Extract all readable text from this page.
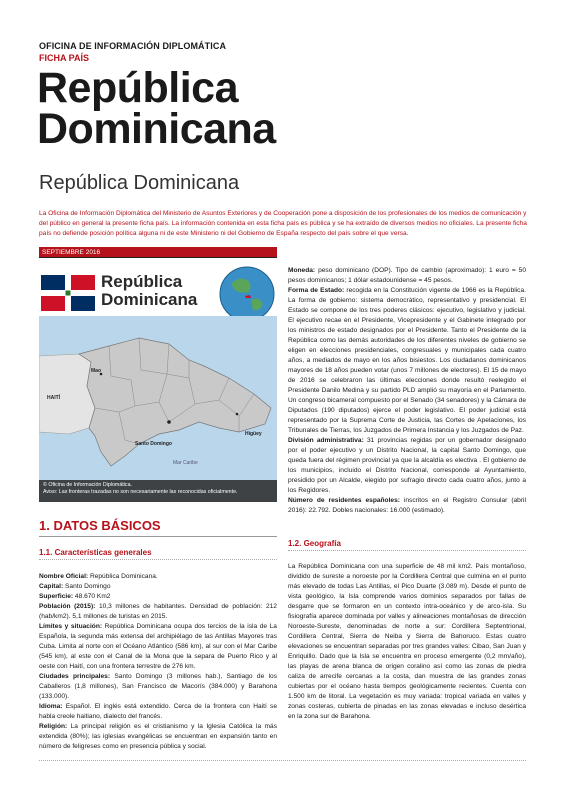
OFICINA DE INFORMACIÓN DIPLOMÁTICA
FICHA PAÍS
República
Dominicana
República Dominicana
La Oficina de Información Diplomática del Ministerio de Asuntos Exteriores y de Cooperación pone a disposición de los profesionales de los medios de comunicación y del público en general la presente ficha país. La información contenida en esta ficha país es pública y se ha extraído de diversos medios no oficiales. La presente ficha país no defiende posición política alguna ni de este Ministerio ni del Gobierno de España respecto del país sobre el que versa.
SEPTIEMBRE 2016
República
Dominicana
HAITÍ
Mao
Santo Domingo
Higüey
Mar Caribe
© Oficina de Información Diplomática.
Aviso: Las fronteras trazadas no son necesariamente las reconocidas oficialmente.
1. DATOS BÁSICOS
1.1. Características generales

Nombre Oficial: República Dominicana.

Capital: Santo Domingo

Superficie: 48.670 Km2

Población (2015): 10,3 millones de habitantes. Densidad de población: 212 (hab/km2). 5,1 millones de turistas en 2015.

Límites y situación: República Dominicana ocupa dos tercios de la isla de La Española, la segunda más extensa del archipiélago de las Antillas Mayores tras Cuba. Limita al norte con el Océano Atlántico (586 km), al sur con el Mar Caribe (545 km), al este con el Canal de la Mona que la separa de Puerto Rico y al oeste con Haití, con una frontera terrestre de 276 km.

Ciudades principales: Santo Domingo (3 millones hab.), Santiago de los Caballeros (1,8 millones), San Francisco de Macorís (384.000) y Barahona (133.000).

Idioma: Español. El inglés está extendido. Cerca de la frontera con Haití se habla creole haitiano, dialecto del francés.

Religión: La principal religión es el cristianismo y la Iglesia Católica la más extendida (80%); las iglesias evangélicas se encuentran en expansión tanto en número de feligreses como en presencia pública y social.

Moneda: peso dominicano (DOP). Tipo de cambio (aproximado): 1 euro = 50 pesos dominicanos; 1 dólar estadounidense = 45 pesos.

Forma de Estado: recogida en la Constitución vigente de 1966 es la República. La forma de gobierno: sistema democrático, representativo y presidencial. El Estado se compone de los tres poderes clásicos: ejecutivo, legislativo y judicial. El ejecutivo recae en el Presidente, Vicepresidente y el Gabinete integrado por los ministros de estado designados por el Presidente. Tanto el Presidente de la República como las demás autoridades de los diferentes niveles de gobierno se eligen en elecciones presidenciales, congresuales y municipales cada cuatro años, a mediados de mayo en los años bisiestos. Los ciudadanos dominicanos mayores de 18 años pueden votar (unos 7 millones de electores). El 15 de mayo de 2016 se celebraron las últimas elecciones donde resultó reelegido el Presidente Danilo Medina y su partido PLD amplió su mayoría en el Parlamento. Un congreso bicameral compuesto por el Senado (34 senadores) y la Cámara de Diputados (190 diputados) ejerce el poder legislativo. El poder judicial está representado por la Suprema Corte de Justicia, las Cortes de Apelaciones, los Tribunales de Tierras, los Juzgados de Primera Instancia y los Juzgados de Paz.

División administrativa: 31 provincias regidas por un gobernador designado por el poder ejecutivo y un Distrito Nacional, la capital Santo Domingo, que queda fuera del régimen provincial ya que la alcaldía es electiva . El gobierno de los municipios, incluido el Distrito Nacional, corresponde al Ayuntamiento, presidido por un Alcalde, elegido por sufragio directo cada cuatro años, junto a los Regidores.

Número de residentes españoles: inscritos en el Registro Consular (abril 2016): 22.792. Dobles nacionales: 16.000 (estimado).

1.2. Geografía
La República Dominicana con una superficie de 48 mil km2. País montañoso, dividido de sureste a noroeste por la Cordillera Central que culmina en el punto más elevado de todas Las Antillas, el Pico Duarte (3.089 m). Desde el punto de vista geológico, la Isla comprende varios dominios separados por fallas de desgarre que se formaron en un contexto intra-oceánico y de arco-isla. Su fisiografía aparece dominada por valles y alineaciones montañosas de dirección Noroeste-Sureste, denominadas de norte a sur: Cordillera Septentrional, Cordillera Central, Sierra de Neiba y Sierra de Bahoruco. Estas cuatro elevaciones se encuentran separadas por tres grandes valles: Cibao, San Juan y Enriquillo. Dado que la Isla se encuentra en proceso emergente (0,2 mm/año), las playas de arena blanca de origen coralino así como las zonas de piedra caliza de arrecife cercanas a la costa, dan muestra de las grandes zonas cubiertas por el océano hasta tiempos geológicamente recientes. Cuenta con 1.500 km de litoral. La vegetación es muy variada: tropical variada en valles y zonas costeras, cubierta de pinadas en las zonas elevadas e incluso desértica en la zona sur de Barahona.
